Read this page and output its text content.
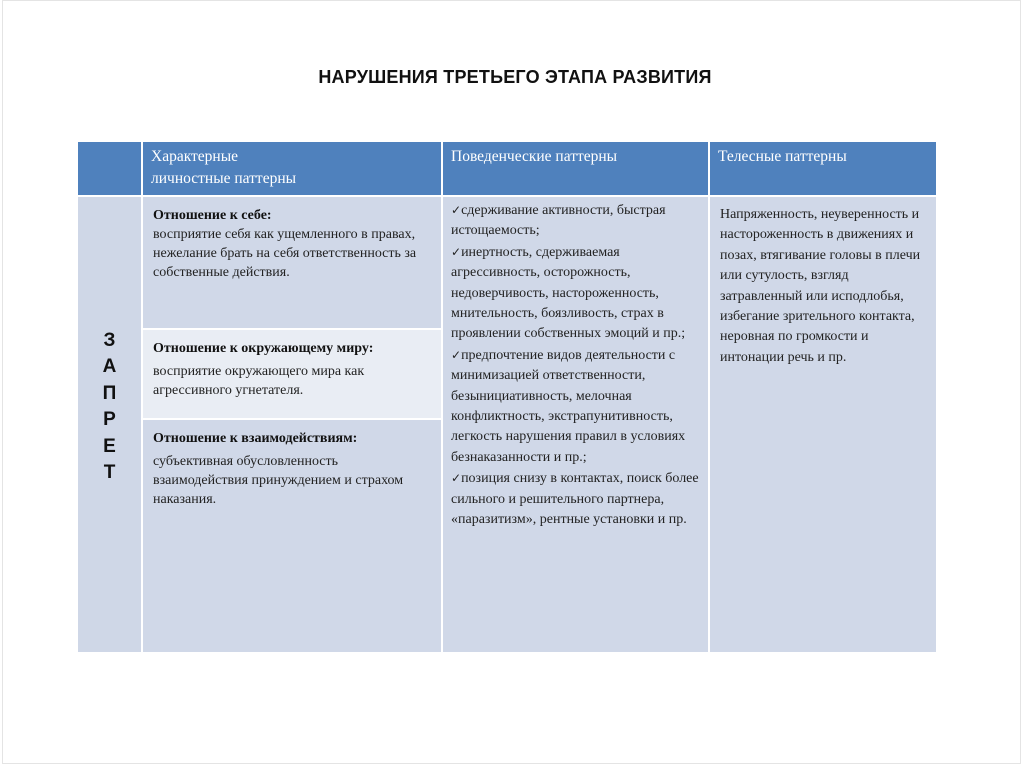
НАРУШЕНИЯ ТРЕТЬЕГО ЭТАПА РАЗВИТИЯ
Характерные личностные паттерны
Поведенческие паттерны	Телесные паттерны
З
А
П
Р
Е
Т
Отношение к себе:
восприятие себя как ущемленного в правах, нежелание брать на себя ответственность за собственные действия.
Отношение к окружающему миру:
восприятие окружающего мира как агрессивного угнетателя.
Отношение к взаимодействиям:
субъективная обусловленность взаимодействия принуждением и страхом наказания.
✓сдерживание активности, быстрая истощаемость;
✓инертность, сдерживаемая агрессивность, осторожность, недоверчивость, настороженность, мнительность, боязливость, страх в проявлении собственных эмоций и пр.;
✓предпочтение видов деятельности с минимизацией ответственности, безынициативность, мелочная конфликтность, экстрапунитивность, легкость нарушения правил в условиях безнаказанности и пр.;
✓позиция снизу в контактах, поиск более сильного и решительного партнера, «паразитизм», рентные установки и пр.
Напряженность, неуверенность и настороженность в движениях и позах, втягивание головы в плечи или сутулость, взгляд затравленный или исподлобья, избегание зрительного контакта, неровная по громкости и интонации речь и пр.
